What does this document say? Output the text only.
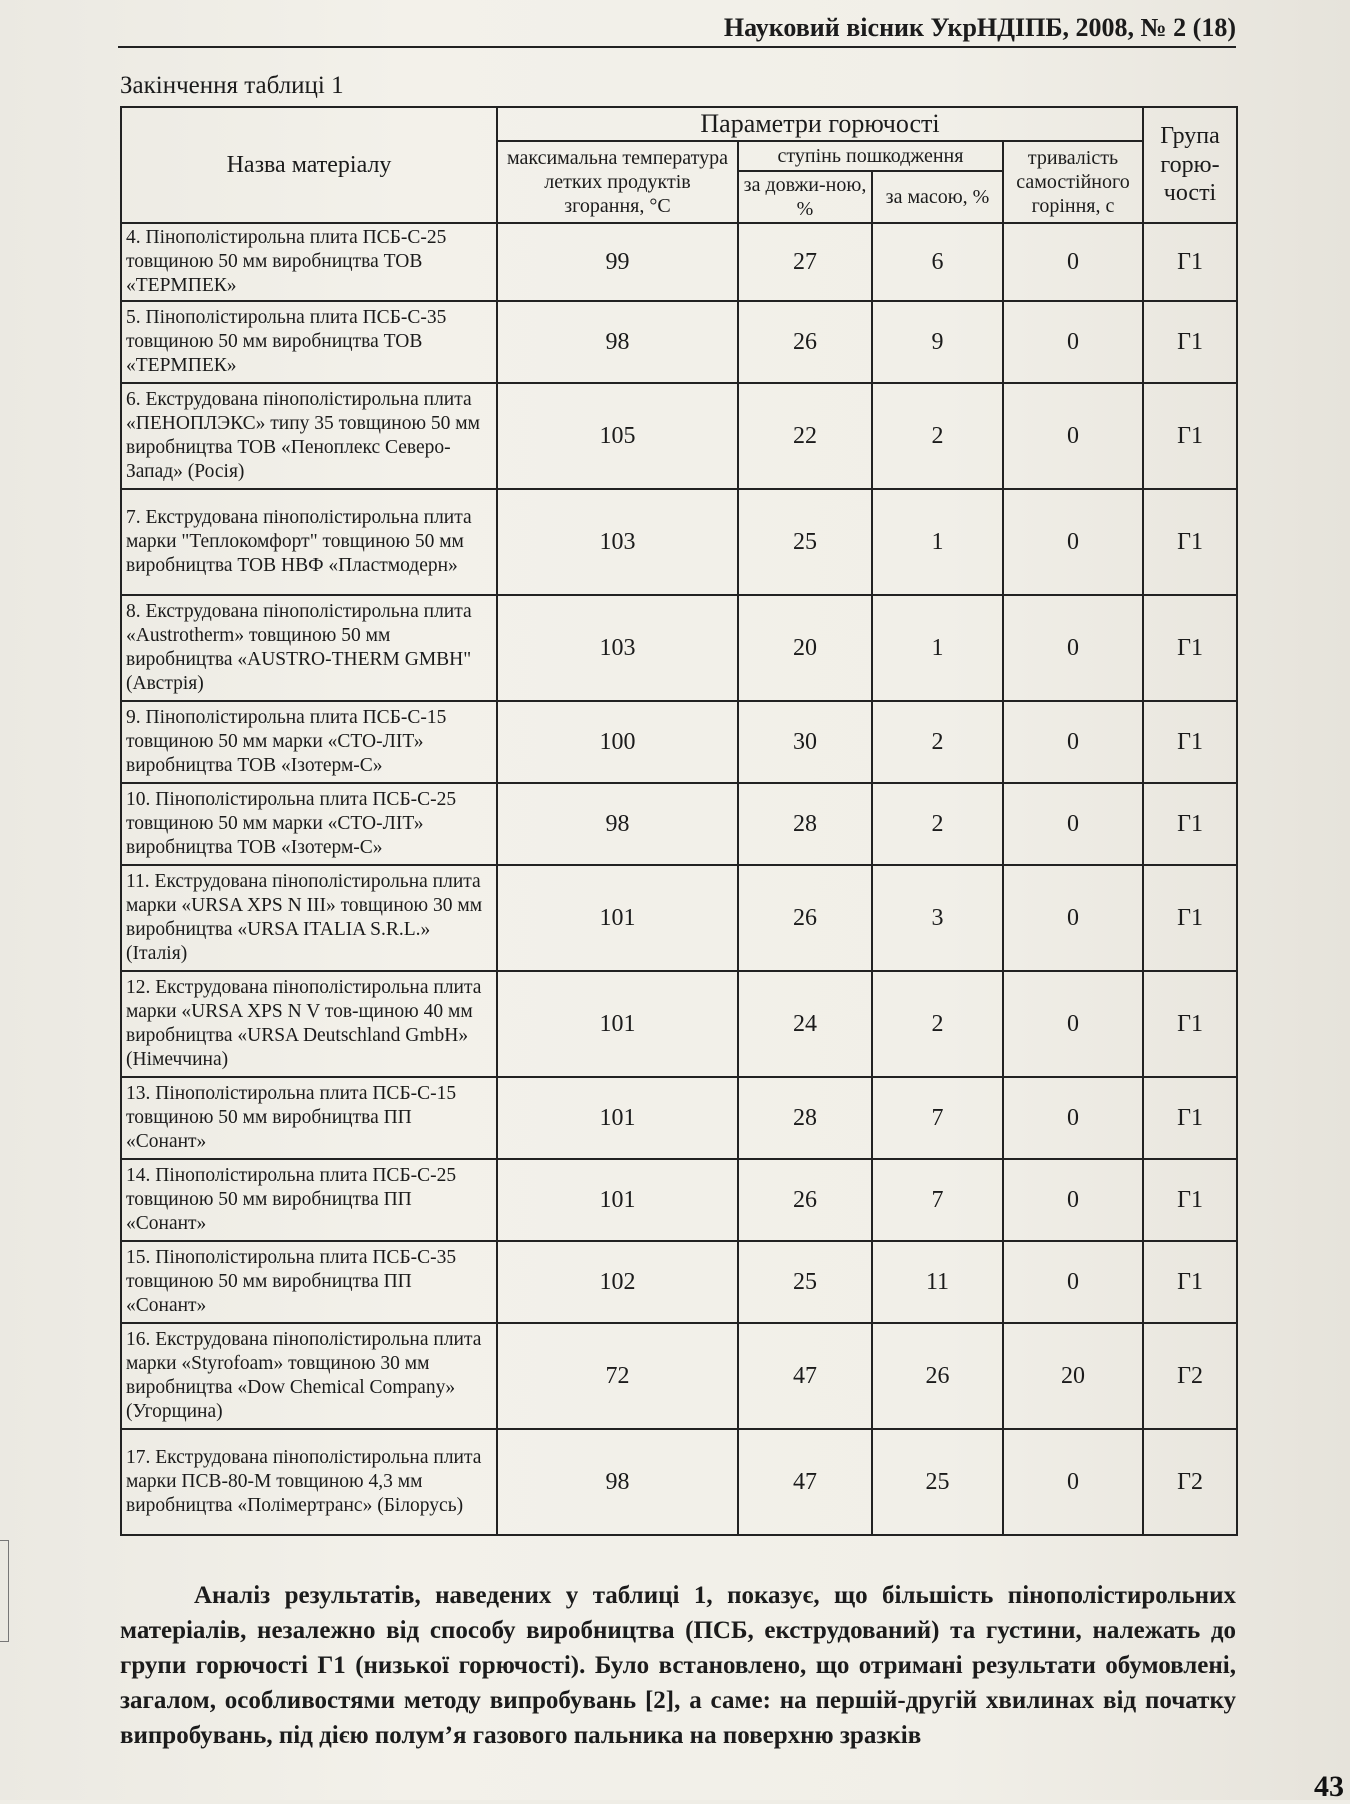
Науковий вісник УкрНДІПБ, 2008, № 2 (18)
Закінчення таблиці 1
Назва матеріалу	Параметри горючості				Група горю-чості
	максимальна температура летких продуктів згорання, °С	ступінь пошкодження		тривалість самостійного горіння, с	
		за довжи-ною, %	за масою, %		
4. Пінополістирольна плита ПСБ-С-25 товщиною 50 мм виробництва ТОВ «ТЕРМПЕК»	99	27	6	0	Г1
5. Пінополістирольна плита ПСБ-С-35 товщиною 50 мм виробництва ТОВ «ТЕРМПЕК»	98	26	9	0	Г1
6. Екструдована пінополістирольна плита «ПЕНОПЛЭКС» типу 35 товщиною 50 мм виробництва ТОВ «Пеноплекс Северо-Запад» (Росія)	105	22	2	0	Г1
7. Екструдована пінополістирольна плита марки "Теплокомфорт" товщиною 50 мм виробництва ТОВ НВФ «Пластмодерн»	103	25	1	0	Г1
8. Екструдована пінополістирольна плита «Austrotherm» товщиною 50 мм виробництва «AUSTRO-THERM GMBH" (Австрія)	103	20	1	0	Г1
9. Пінополістирольна плита ПСБ-С-15 товщиною 50 мм марки «СТО-ЛІТ» виробництва ТОВ «Ізотерм-С»	100	30	2	0	Г1
10. Пінополістирольна плита ПСБ-С-25 товщиною 50 мм марки «СТО-ЛІТ» виробництва ТОВ «Ізотерм-С»	98	28	2	0	Г1
11. Екструдована пінополістирольна плита марки «URSA XPS N III» товщиною 30 мм виробництва «URSA ITALIA S.R.L.» (Італія)	101	26	3	0	Г1
12. Екструдована пінополістирольна плита марки «URSA XPS N V тов-щиною 40 мм виробництва «URSA Deutschland GmbH» (Німеччина)	101	24	2	0	Г1
13. Пінополістирольна плита ПСБ-С-15 товщиною 50 мм виробництва ПП «Сонант»	101	28	7	0	Г1
14. Пінополістирольна плита ПСБ-С-25 товщиною 50 мм виробництва ПП «Сонант»	101	26	7	0	Г1
15. Пінополістирольна плита ПСБ-С-35 товщиною 50 мм виробництва ПП «Сонант»	102	25	11	0	Г1
16. Екструдована пінополістирольна плита марки «Styrofoam» товщиною 30 мм виробництва «Dow Chemical Company» (Угорщина)	72	47	26	20	Г2
17. Екструдована пінополістирольна плита марки ПСВ-80-М товщиною 4,3 мм виробництва «Полімертранс» (Білорусь)	98	47	25	0	Г2
Аналіз результатів, наведених у таблиці 1, показує, що більшість пінополістирольних матеріалів, незалежно від способу виробництва (ПСБ, екструдований) та густини, належать до групи горючості Г1 (низької горючості). Було встановлено, що отримані результати обумовлені, загалом, особливостями методу випробувань [2], а саме: на першій-другій хвилинах від початку випробувань, під дією полум’я газового пальника на поверхню зразків
43
